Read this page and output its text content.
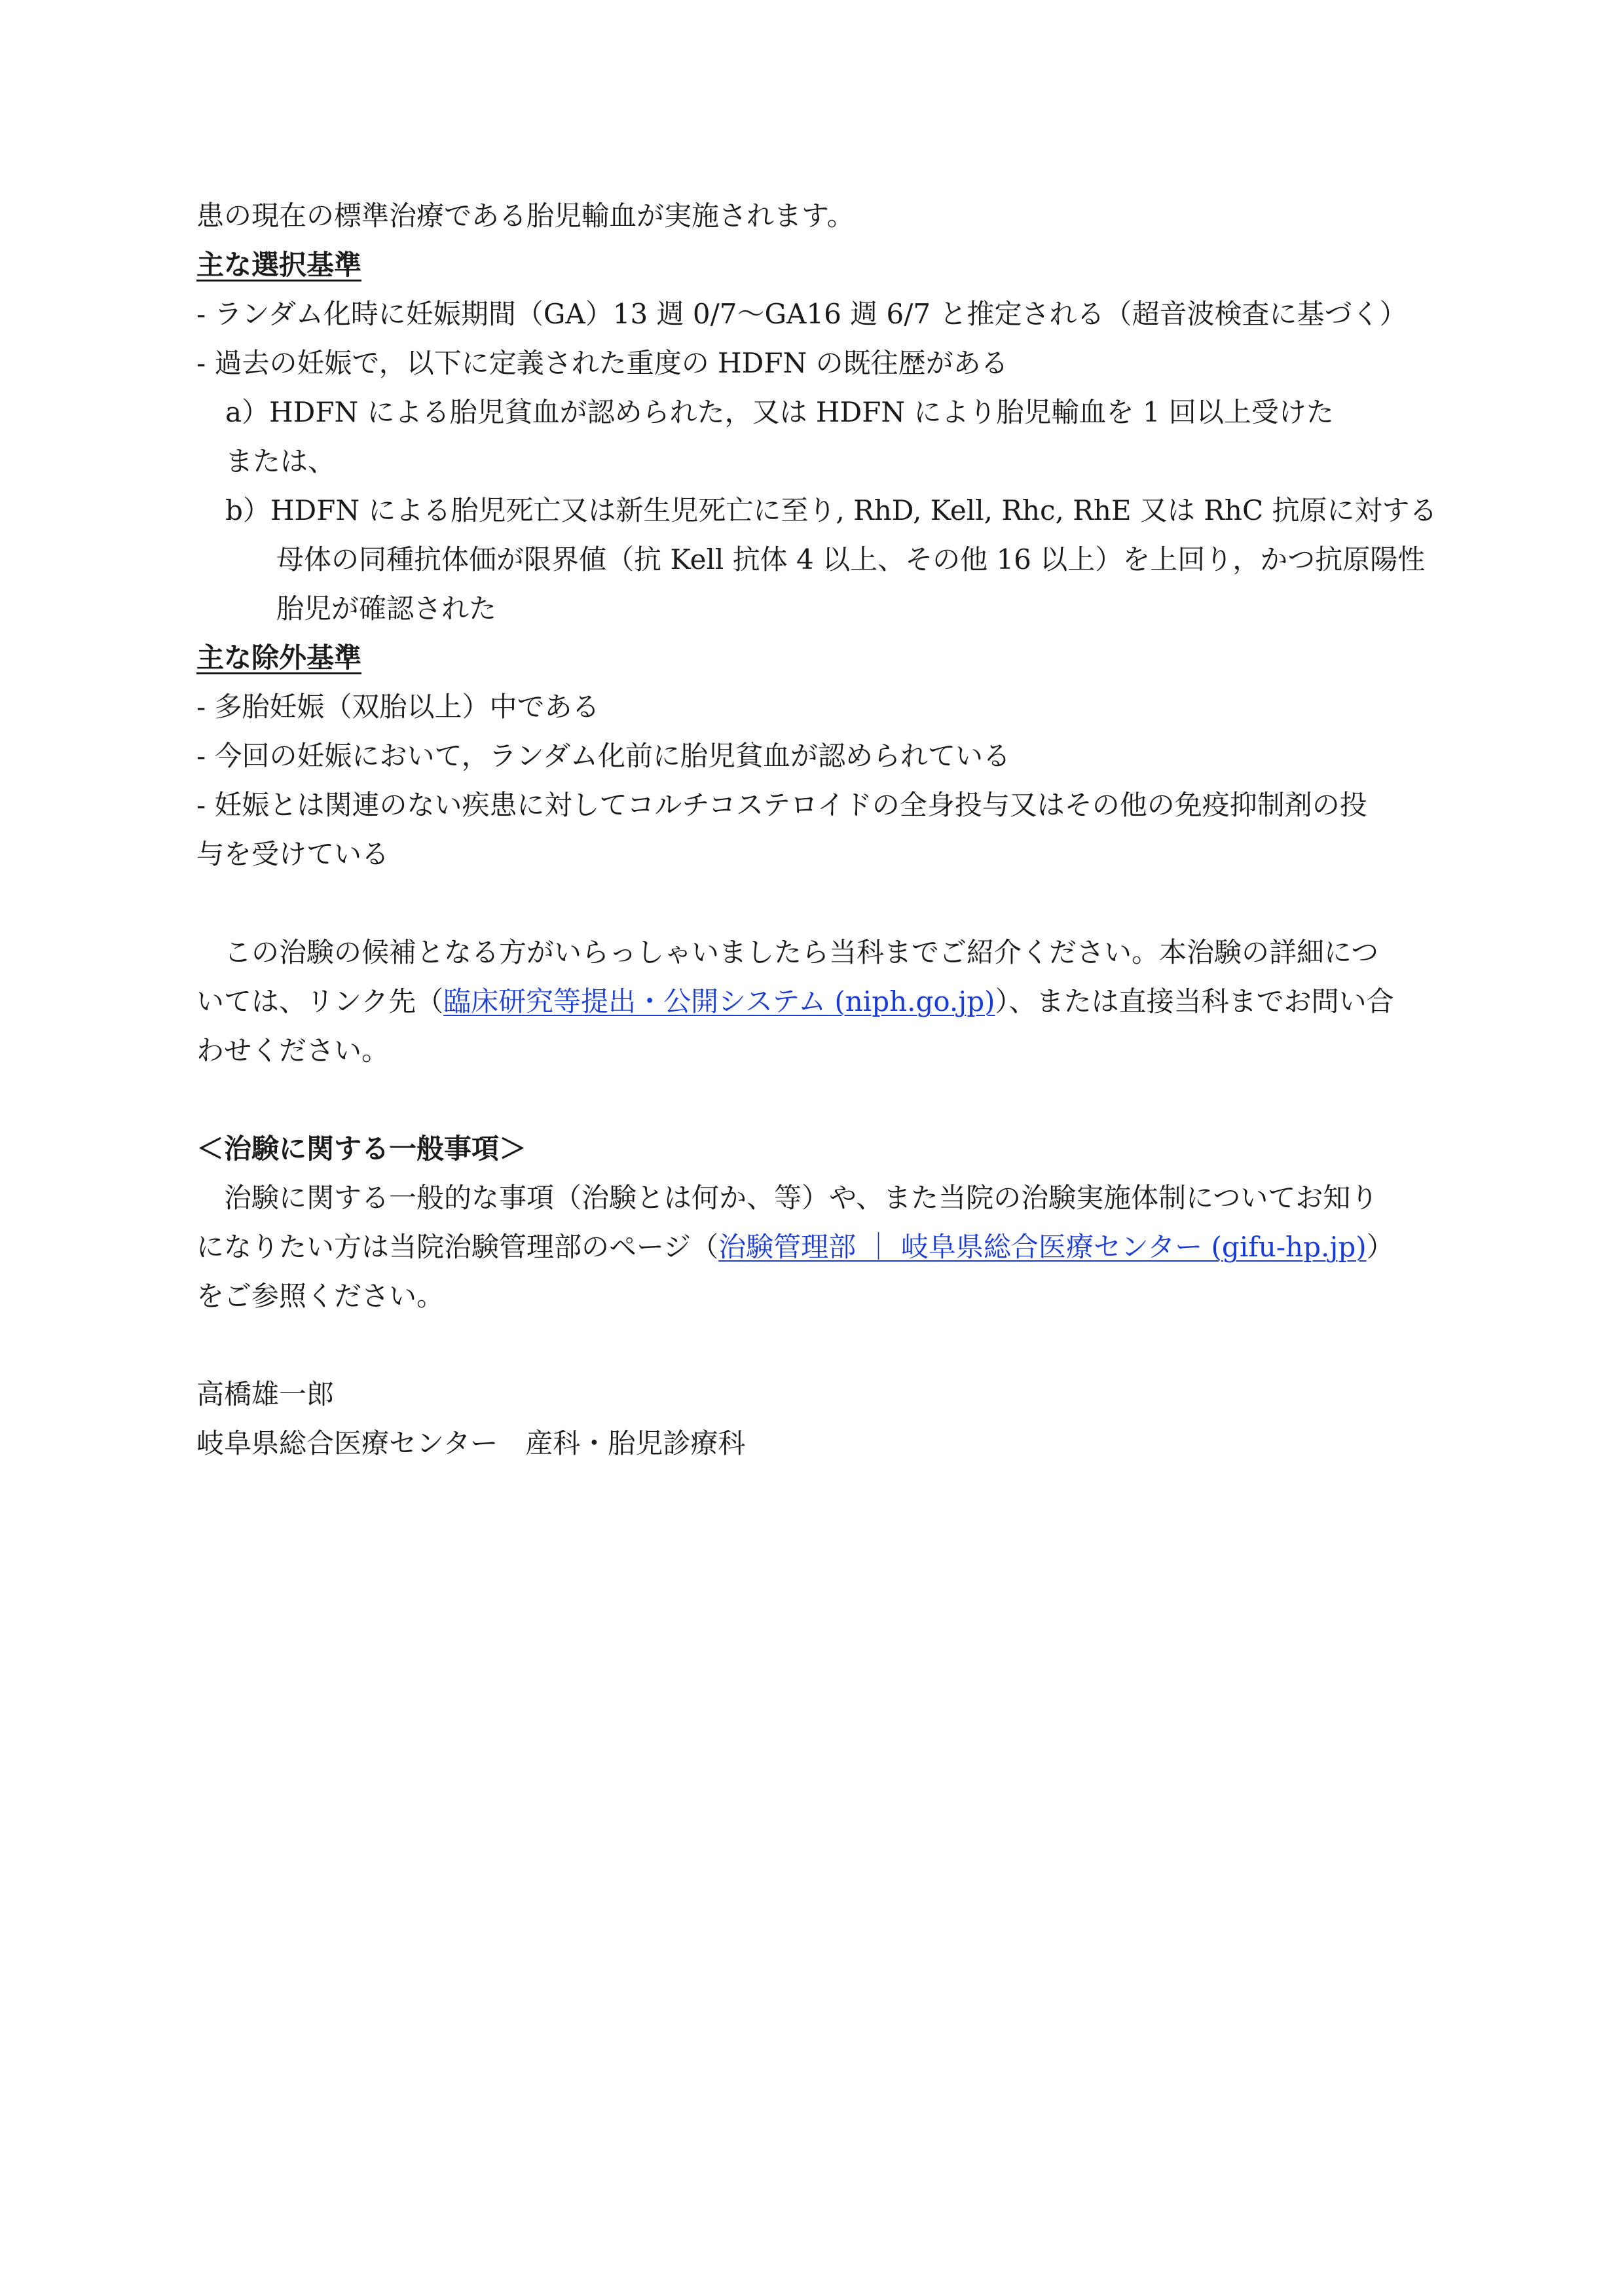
患の現在の標準治療である胎児輸血が実施されます。
主な選択基準
- ランダム化時に妊娠期間（GA）13 週 0/7〜GA16 週 6/7 と推定される（超音波検査に基づく）
- 過去の妊娠で，以下に定義された重度の HDFN の既往歴がある
a）HDFN による胎児貧血が認められた，又は HDFN により胎児輸血を 1 回以上受けた
または、
b）HDFN による胎児死亡又は新生児死亡に至り, RhD, Kell, Rhc, RhE 又は RhC 抗原に対する
母体の同種抗体価が限界値（抗 Kell 抗体 4 以上、その他 16 以上）を上回り，かつ抗原陽性
胎児が確認された
主な除外基準
- 多胎妊娠（双胎以上）中である
- 今回の妊娠において，ランダム化前に胎児貧血が認められている
- 妊娠とは関連のない疾患に対してコルチコステロイドの全身投与又はその他の免疫抑制剤の投
与を受けている
この治験の候補となる方がいらっしゃいましたら当科までご紹介ください。本治験の詳細につ
いては、リンク先（臨床研究等提出・公開システム (niph.go.jp)）、または直接当科までお問い合
わせください。
＜治験に関する一般事項＞
治験に関する一般的な事項（治験とは何か、等）や、また当院の治験実施体制についてお知り
になりたい方は当院治験管理部のページ（治験管理部 ｜ 岐阜県総合医療センター (gifu-hp.jp)）
をご参照ください。
高橋雄一郎
岐阜県総合医療センター　産科・胎児診療科
